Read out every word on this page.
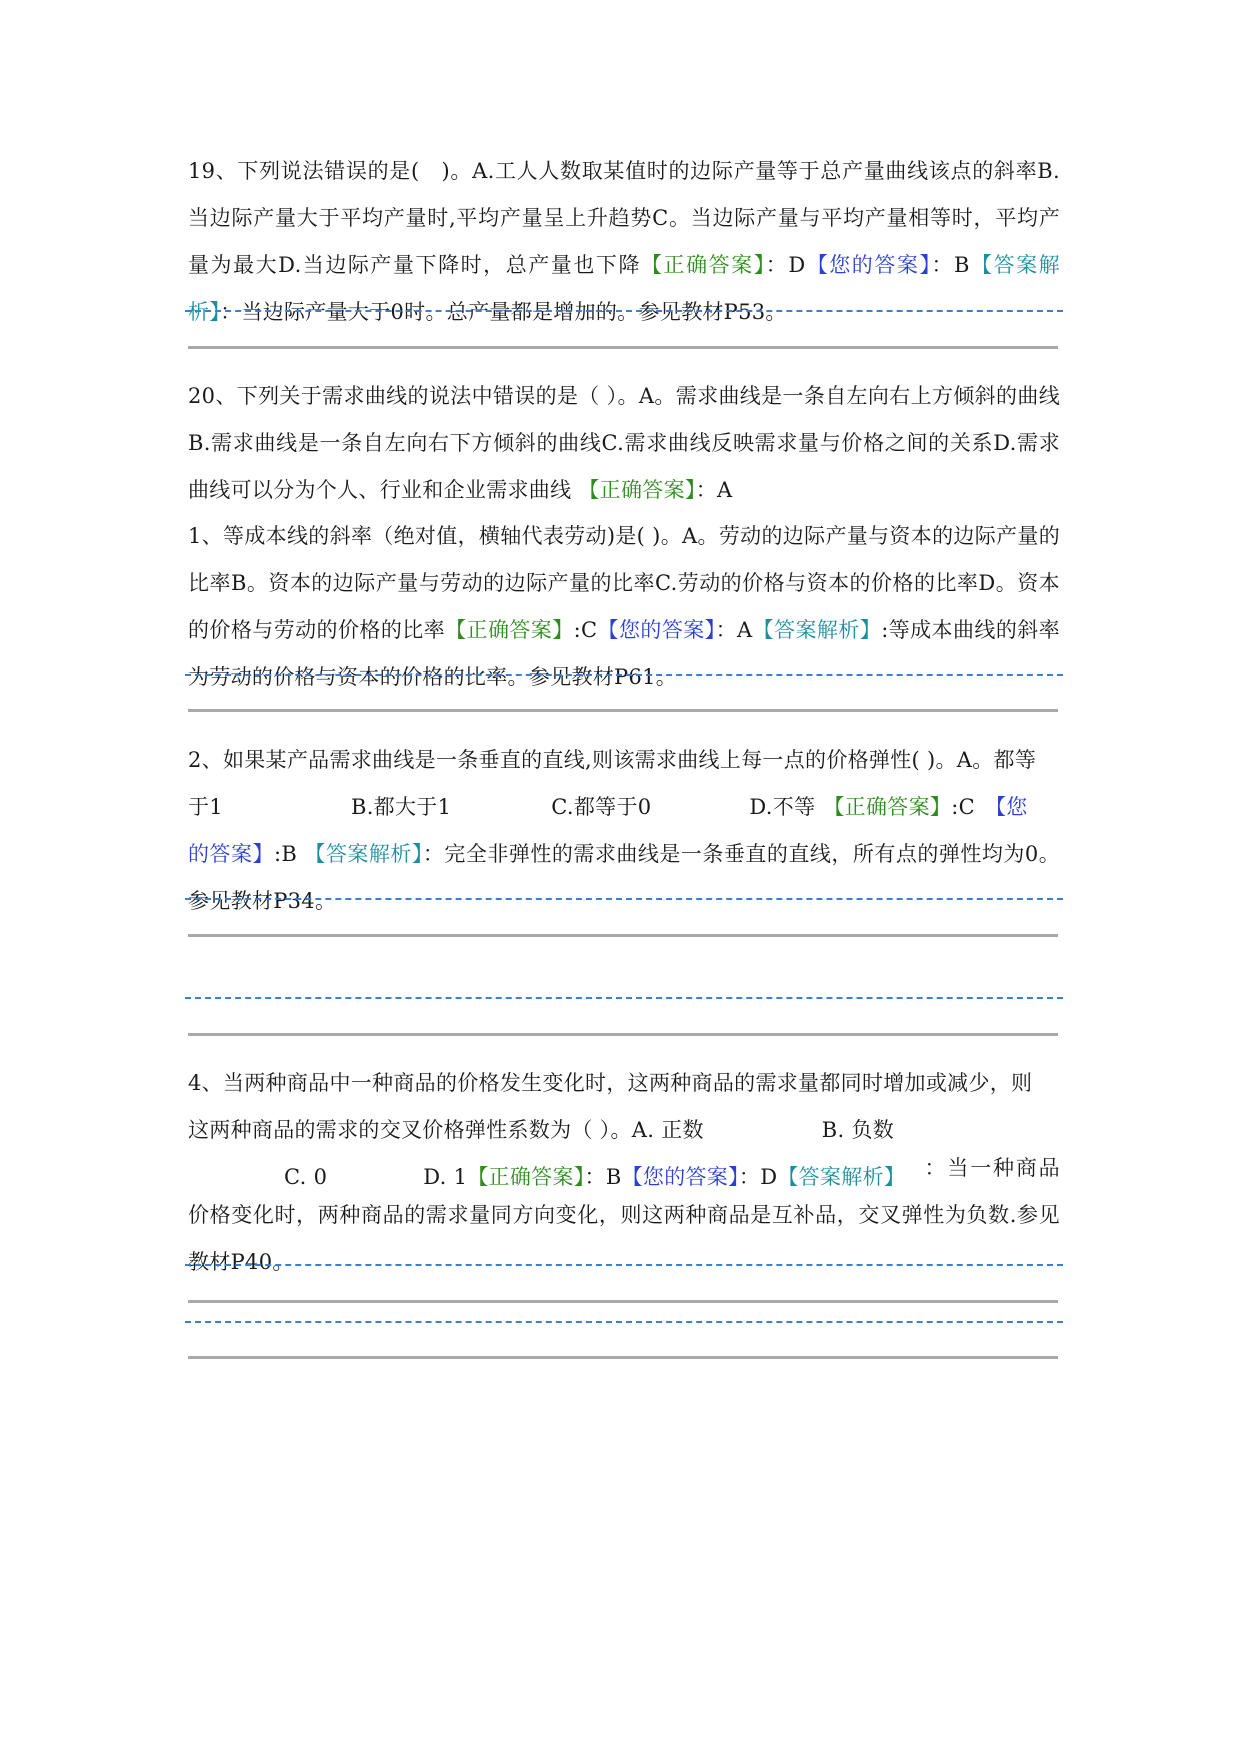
19、下列说法错误的是(　)。A.工人人数取某值时的边际产量等于总产量曲线该点的斜率B.当边际产量大于平均产量时,平均产量呈上升趋势C。当边际产量与平均产量相等时，平均产量为最大D.当边际产量下降时，总产量也下降【正确答案】：D【您的答案】：B【答案解析】：当边际产量大于0时。总产量都是增加的。参见教材P53。
20、下列关于需求曲线的说法中错误的是（ ）。A。需求曲线是一条自左向右上方倾斜的曲线B.需求曲线是一条自左向右下方倾斜的曲线C.需求曲线反映需求量与价格之间的关系D.需求曲线可以分为个人、行业和企业需求曲线 【正确答案】：A
1、等成本线的斜率（绝对值，横轴代表劳动)是( )。A。劳动的边际产量与资本的边际产量的比率B。资本的边际产量与劳动的边际产量的比率C.劳动的价格与资本的价格的比率D。资本的价格与劳动的价格的比率【正确答案】:C【您的答案】：A【答案解析】:等成本曲线的斜率为劳动的价格与资本的价格的比率。参见教材P61。
2、如果某产品需求曲线是一条垂直的直线,则该需求曲线上每一点的价格弹性( )。A。都等
于1	B.都大于1	C.都等于0	D.不等 【正确答案】:C 【您
的答案】:B 【答案解析】：完全非弹性的需求曲线是一条垂直的直线，所有点的弹性均为0。参见教材P34。
4、当两种商品中一种商品的价格发生变化时，这两种商品的需求量都同时增加或减少，则
这两种商品的需求的交叉价格弹性系数为（ ）。A. 正数	B. 负数
C. 0	D. 1【正确答案】：B【您的答案】：D【答案解析】 ：当一种商品价格变化时，两种商品的需求量同方向变化，则这两种商品是互补品，交叉弹性为负数.参见教材P40。
